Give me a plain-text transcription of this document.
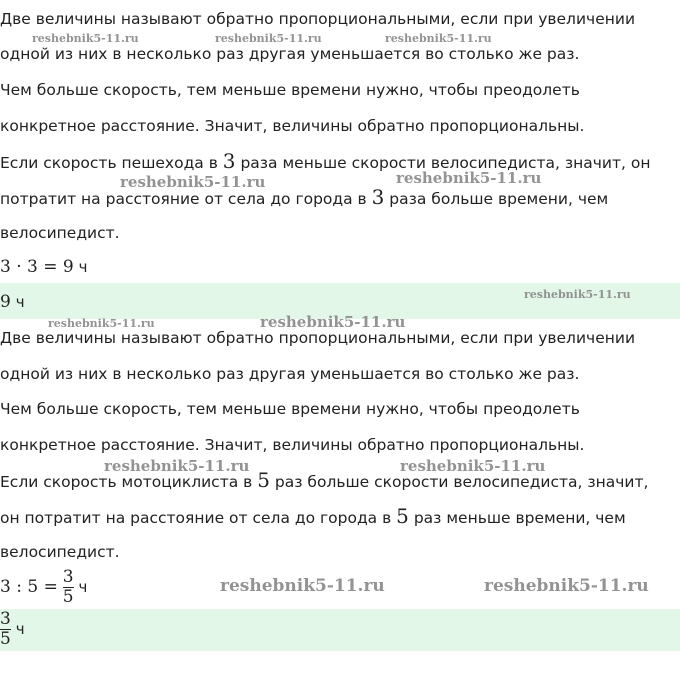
Две величины называют обратно пропорциональными, если при увеличении
одной из них в несколько раз другая уменьшается во столько же раз.
Чем больше скорость, тем меньше времени нужно, чтобы преодолеть
конкретное расстояние. Значит, величины обратно пропорциональны.
Если скорость пешехода в 3 раза меньше скорости велосипедиста, значит, он
потратит на расстояние от села до города в 3 раза больше времени, чем
велосипедист.
3 · 3 = 9 ч
9 ч
Две величины называют обратно пропорциональными, если при увеличении
одной из них в несколько раз другая уменьшается во столько же раз.
Чем больше скорость, тем меньше времени нужно, чтобы преодолеть
конкретное расстояние. Значит, величины обратно пропорциональны.
Если скорость мотоциклиста в 5 раз больше скорости велосипедиста, значит,
он потратит на расстояние от села до города в 5 раз меньше времени, чем
велосипедист.
3 : $5 = \frac{3}{5}$ ч
$\frac{3}{5}$ ч
reshebnik5-11.ru	reshebnik5-11.ru	reshebnik5-11.ru
reshebnik5-11.ru	reshebnik5-11.ru
reshebnik5-11.ru
reshebnik5-11.ru	reshebnik5-11.ru
reshebnik5-11.ru	reshebnik5-11.ru
reshebnik5-11.ru	reshebnik5-11.ru
